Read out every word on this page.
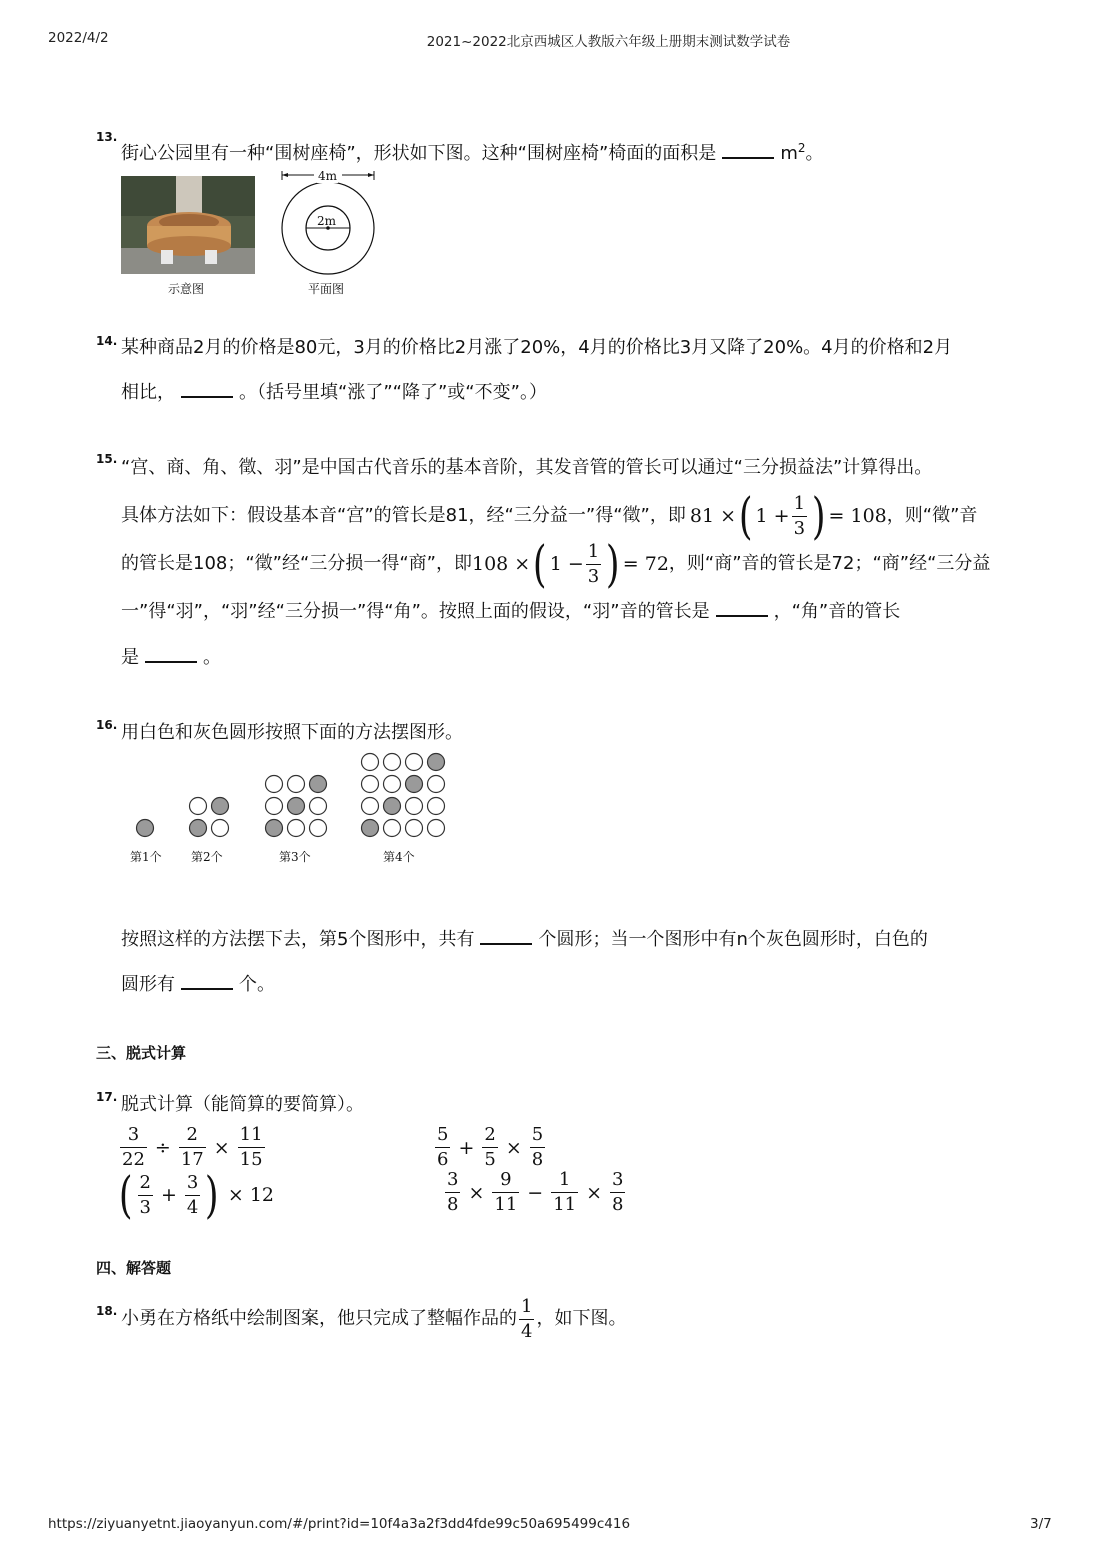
2022/4/2	2021~2022北京西城区人教版六年级上册期末测试数学试卷
13.
街心公园里有一种“围树座椅”，形状如下图。这种“围树座椅”椅面的面积是	$m^2$。
示意图
4m
2m
平面图
14. 某种商品2月的价格是80元，3月的价格比2月涨了20%，4月的价格比3月又降了20%。4月的价格和2月
相比，	。（括号里填“涨了”“降了”或“不变”。）
15. “宫、商、角、徵、羽”是中国古代音乐的基本音阶，其发音管的管长可以通过“三分损益法”计算得出。
具体方法如下：假设基本音“宫”的管长是81，经“三分益一”得“徵”，即 81 × ( $1 + \frac{1}{3}$ ) = 108 ，则“徵”音
的管长是108；“徵”经“三分损一得“商”，即 108 × ( $1 - \frac{1}{3}$ ) = 72 ，则“商”音的管长是72；“商”经“三分益
一”得“羽”，“羽”经“三分损一”得“角”。按照上面的假设，“羽”音的管长是	，“角”音的管长
是	。
16. 用白色和灰色圆形按照下面的方法摆图形。
第1个 第2个	第3个	第4个
按照这样的方法摆下去，第5个图形中，共有	个圆形；当一个图形中有n个灰色圆形时，白色的
圆形有	个。
三、脱式计算
17. 脱式计算（能简算的要简算）。
$\frac{3}{22} \div \frac{2}{17} \times \frac{11}{15}$	$\frac{5}{6} + \frac{2}{5} \times \frac{5}{8}$
( $\frac{2}{3} + \frac{3}{4}$ ) × 12	$\frac{3}{8} \times \frac{9}{11} - \frac{1}{11} \times \frac{3}{8}$
四、解答题
18. 小勇在方格纸中绘制图案，他只完成了整幅作品的 $\frac{1}{4}$ ，如下图。
https://ziyuanyetnt.jiaoyanyun.com/#/print?id=10f4a3a2f3dd4fde99c50a695499c416	3/7
